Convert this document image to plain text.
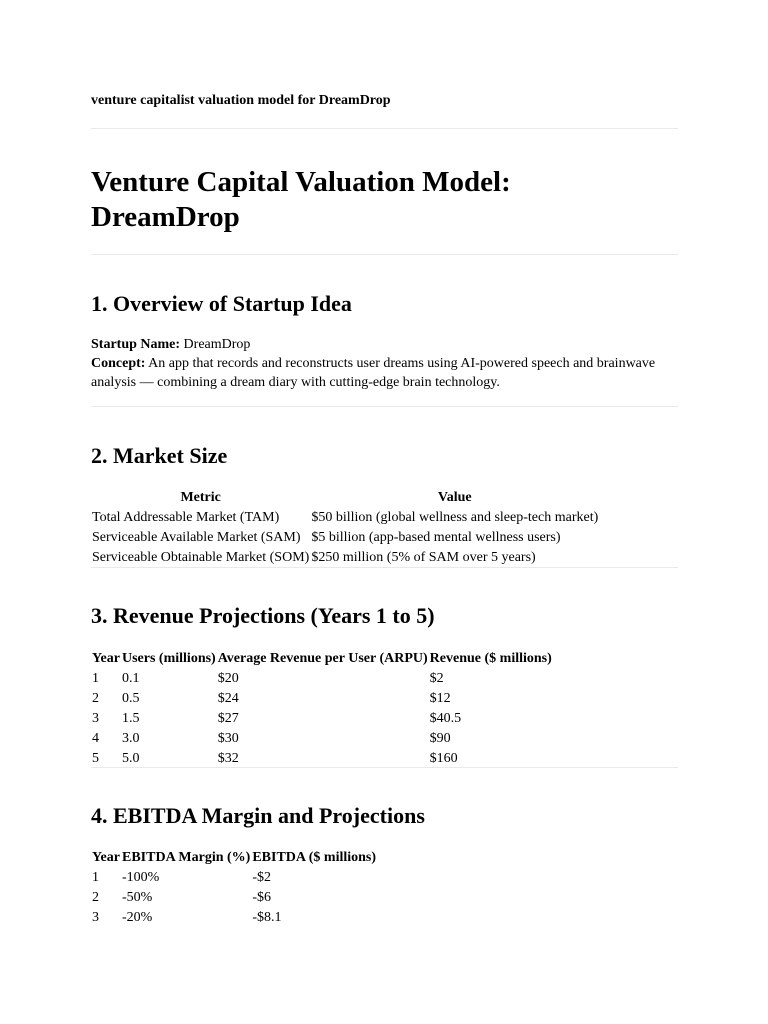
venture capitalist valuation model for DreamDrop
Venture Capital Valuation Model:
DreamDrop
1. Overview of Startup Idea
Startup Name: DreamDrop
Concept: An app that records and reconstructs user dreams using AI-powered speech and brainwave analysis — combining a dream diary with cutting-edge brain technology.
2. Market Size
Metric	Value
Total Addressable Market (TAM)	$50 billion (global wellness and sleep-tech market)
Serviceable Available Market (SAM)	$5 billion (app-based mental wellness users)
Serviceable Obtainable Market (SOM)	$250 million (5% of SAM over 5 years)
3. Revenue Projections (Years 1 to 5)
Year	Users (millions)	Average Revenue per User (ARPU)	Revenue ($ millions)
1	0.1	$20	$2
2	0.5	$24	$12
3	1.5	$27	$40.5
4	3.0	$30	$90
5	5.0	$32	$160
4. EBITDA Margin and Projections
Year	EBITDA Margin (%)	EBITDA ($ millions)
1	-100%	-$2
2	-50%	-$6
3	-20%	-$8.1
